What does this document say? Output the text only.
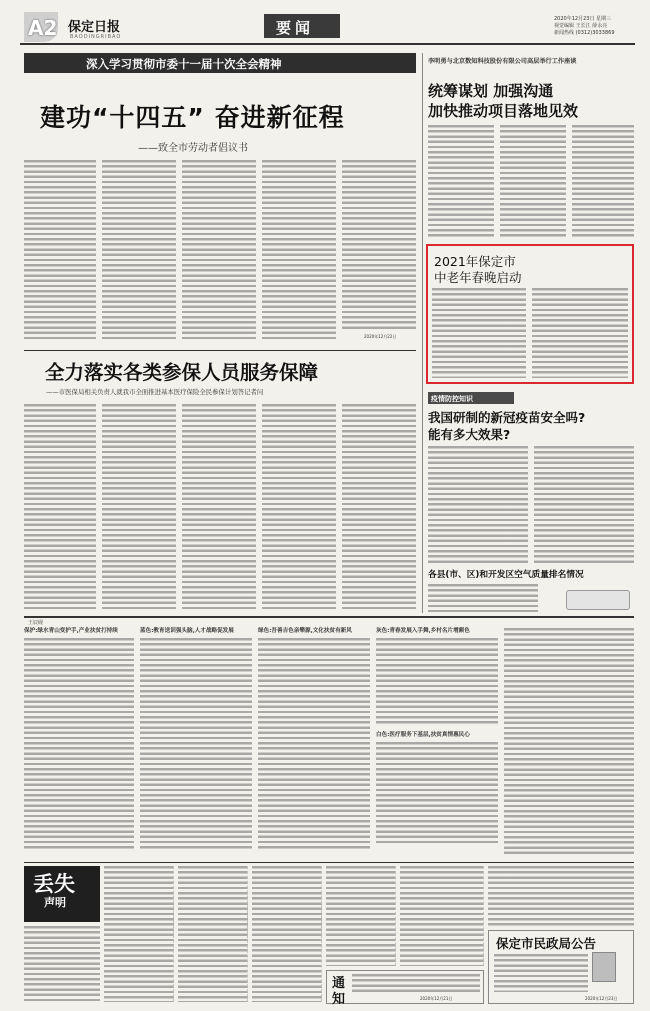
A2 保定日报
BAODINGRIBAO	要闻	2020年12月23日 星期三
视觉编辑 王长江 薛永亮
新闻热线 (0312)3033869
深入学习贯彻市委十一届十次全会精神
建功“十四五” 奋进新征程
——致全市劳动者倡议书
2020年12月22日
李明勇与北京数知科技股份有限公司高层举行工作座谈
统筹谋划 加强沟通
加快推动项目落地见效
2021年保定市
中老年春晚启动
全力落实各类参保人员服务保障
——市医保局相关负责人就我市全面推进基本医疗保险全民参保计划答记者问
疫情防控知识
我国研制的新冠疫苗安全吗?
能有多大效果?
各县(市、区)和开发区空气质量排名情况
王辰砚
保护:绿水青山变护手,产业扶贫打持续	蓝色:教育送训强头脑,人才战略促发展	绿色:吾善吉色亲樂源,文化扶贫有新风	灰色:青春发展入手舞,乡村名片增颜色
白色:医疗服务下基层,扶贫真情惠民心
丢失
声明
通
知	2020年12月21日
保定市民政局公告
2020年12月23日
